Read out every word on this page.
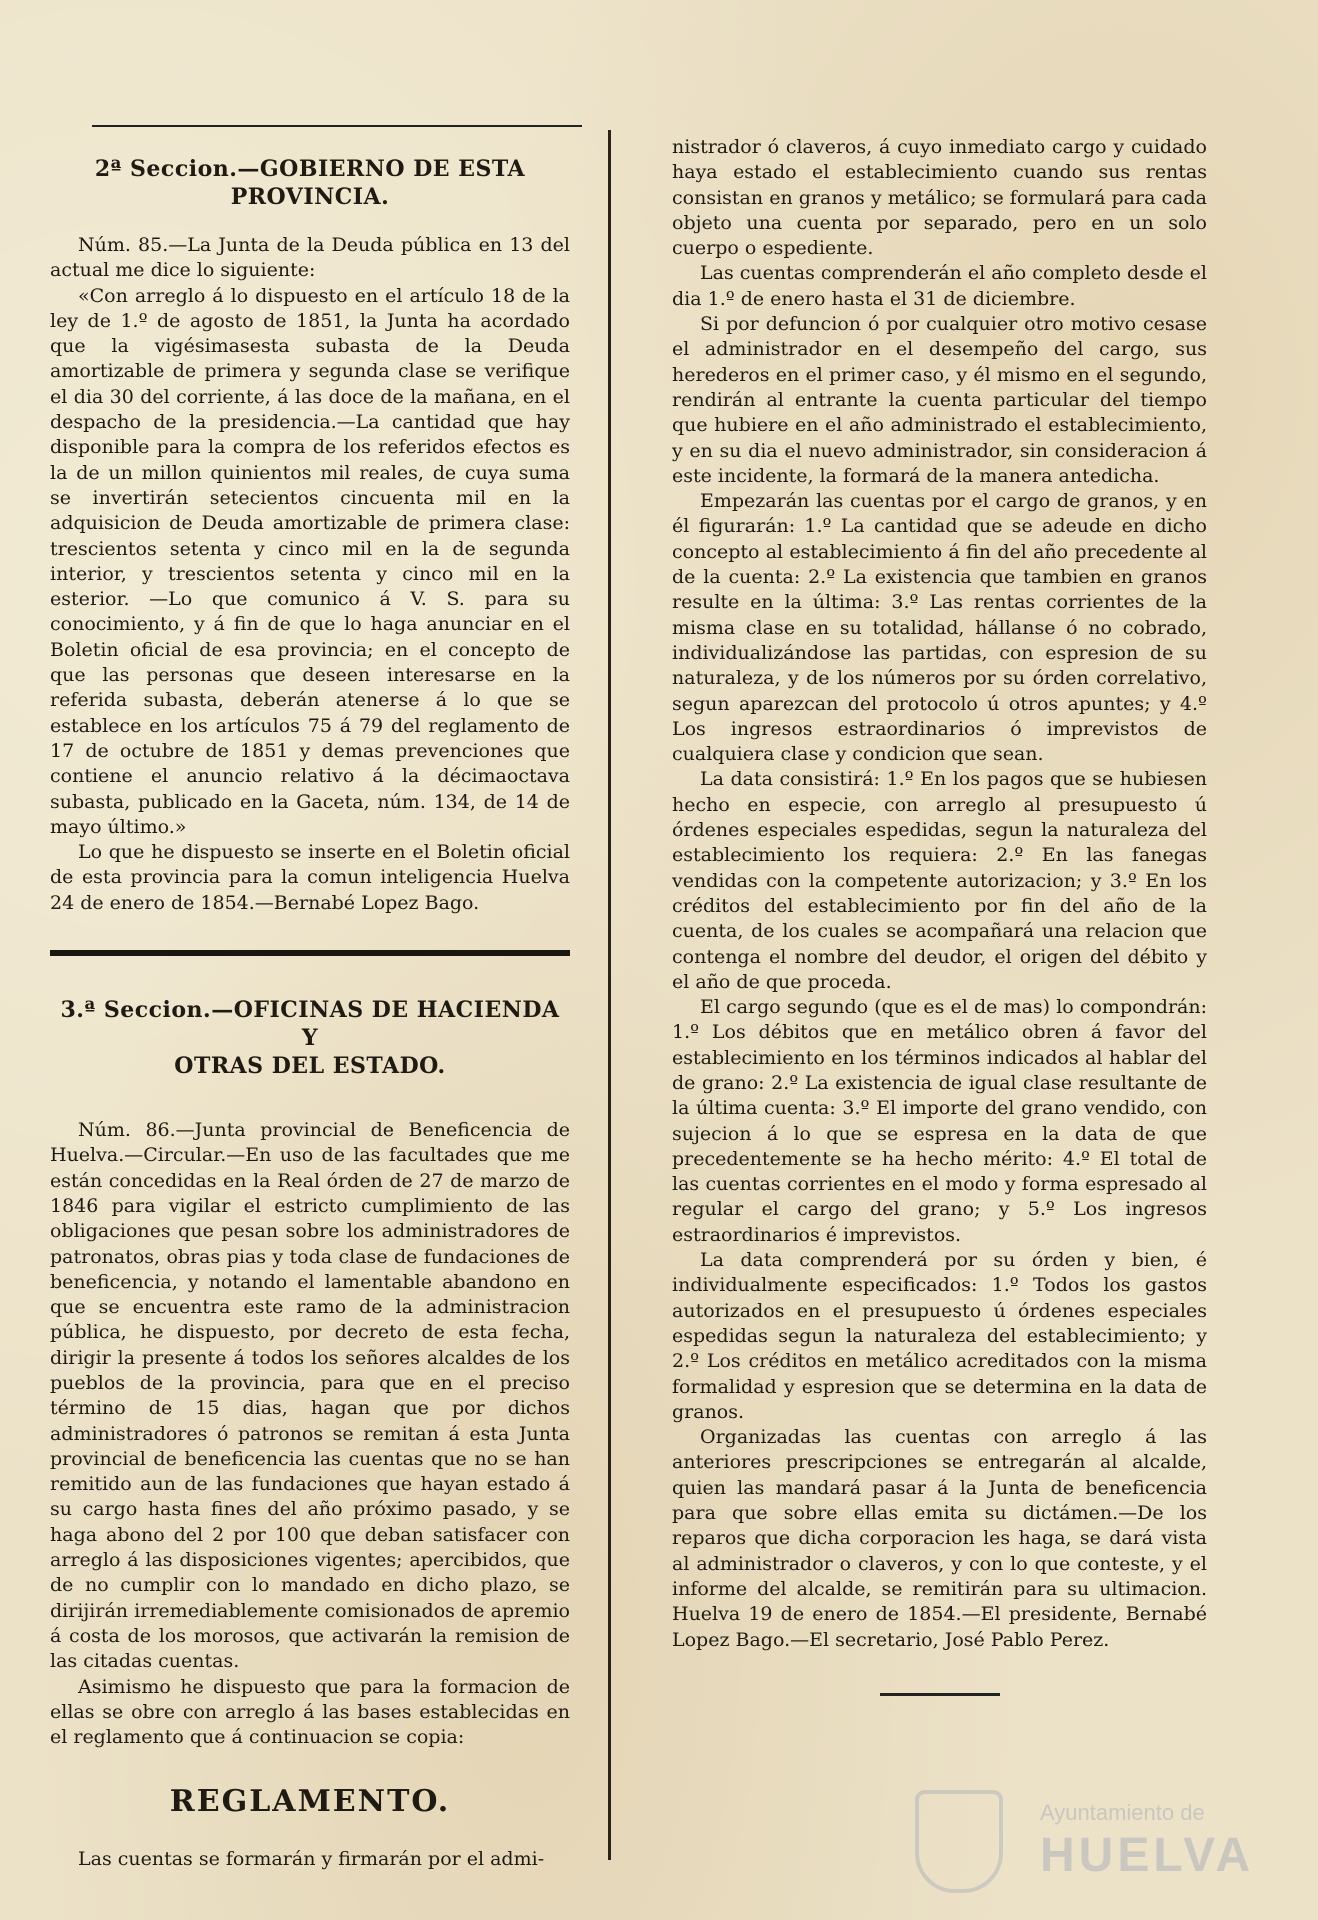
2ª Seccion.—GOBIERNO DE ESTA PROVINCIA.

Núm. 85.—La Junta de la Deuda pública en 13 del actual me dice lo siguiente:

«Con arreglo á lo dispuesto en el artículo 18 de la ley de 1.º de agosto de 1851, la Junta ha acordado que la vigésimasesta subasta de la Deuda amortizable de primera y segunda clase se verifique el dia 30 del corriente, á las doce de la mañana, en el despacho de la presidencia.—La cantidad que hay disponible para la compra de los referidos efectos es la de un millon quinientos mil reales, de cuya suma se invertirán setecientos cincuenta mil en la adquisicion de Deuda amortizable de primera clase: trescientos setenta y cinco mil en la de segunda interior, y trescientos setenta y cinco mil en la esterior. —Lo que comunico á V. S. para su conocimiento, y á fin de que lo haga anunciar en el Boletin oficial de esa provincia; en el concepto de que las personas que deseen interesarse en la referida subasta, deberán atenerse á lo que se establece en los artículos 75 á 79 del reglamento de 17 de octubre de 1851 y demas prevenciones que contiene el anuncio relativo á la décimaoctava subasta, publicado en la Gaceta, núm. 134, de 14 de mayo último.»

Lo que he dispuesto se inserte en el Boletin oficial de esta provincia para la comun inteligencia Huelva 24 de enero de 1854.—Bernabé Lopez Bago.

3.ª Seccion.—OFICINAS DE HACIENDA Y
OTRAS DEL ESTADO.

Núm. 86.—Junta provincial de Beneficencia de Huelva.—Circular.—En uso de las facultades que me están concedidas en la Real órden de 27 de marzo de 1846 para vigilar el estricto cumplimiento de las obligaciones que pesan sobre los administradores de patronatos, obras pias y toda clase de fundaciones de beneficencia, y notando el lamentable abandono en que se encuentra este ramo de la administracion pública, he dispuesto, por decreto de esta fecha, dirigir la presente á todos los señores alcaldes de los pueblos de la provincia, para que en el preciso término de 15 dias, hagan que por dichos administradores ó patronos se remitan á esta Junta provincial de beneficencia las cuentas que no se han remitido aun de las fundaciones que hayan estado á su cargo hasta fines del año próximo pasado, y se haga abono del 2 por 100 que deban satisfacer con arreglo á las disposiciones vigentes; apercibidos, que de no cumplir con lo mandado en dicho plazo, se dirijirán irremediablemente comisionados de apremio á costa de los morosos, que activarán la remision de las citadas cuentas.

Asimismo he dispuesto que para la formacion de ellas se obre con arreglo á las bases establecidas en el reglamento que á continuacion se copia:

REGLAMENTO.

Las cuentas se formarán y firmarán por el admi-

nistrador ó claveros, á cuyo inmediato cargo y cuidado haya estado el establecimiento cuando sus rentas consistan en granos y metálico; se formulará para cada objeto una cuenta por separado, pero en un solo cuerpo o espediente.

Las cuentas comprenderán el año completo desde el dia 1.º de enero hasta el 31 de diciembre.

Si por defuncion ó por cualquier otro motivo cesase el administrador en el desempeño del cargo, sus herederos en el primer caso, y él mismo en el segundo, rendirán al entrante la cuenta particular del tiempo que hubiere en el año administrado el establecimiento, y en su dia el nuevo administrador, sin consideracion á este incidente, la formará de la manera antedicha.

Empezarán las cuentas por el cargo de granos, y en él figurarán: 1.º La cantidad que se adeude en dicho concepto al establecimiento á fin del año precedente al de la cuenta: 2.º La existencia que tambien en granos resulte en la última: 3.º Las rentas corrientes de la misma clase en su totalidad, hállanse ó no cobrado, individualizándose las partidas, con espresion de su naturaleza, y de los números por su órden correlativo, segun aparezcan del protocolo ú otros apuntes; y 4.º Los ingresos estraordinarios ó imprevistos de cualquiera clase y condicion que sean.

La data consistirá: 1.º En los pagos que se hubiesen hecho en especie, con arreglo al presupuesto ú órdenes especiales espedidas, segun la naturaleza del establecimiento los requiera: 2.º En las fanegas vendidas con la competente autorizacion; y 3.º En los créditos del establecimiento por fin del año de la cuenta, de los cuales se acompañará una relacion que contenga el nombre del deudor, el origen del débito y el año de que proceda.

El cargo segundo (que es el de mas) lo compondrán: 1.º Los débitos que en metálico obren á favor del establecimiento en los términos indicados al hablar del de grano: 2.º La existencia de igual clase resultante de la última cuenta: 3.º El importe del grano vendido, con sujecion á lo que se espresa en la data de que precedentemente se ha hecho mérito: 4.º El total de las cuentas corrientes en el modo y forma espresado al regular el cargo del grano; y 5.º Los ingresos estraordinarios é imprevistos.

La data comprenderá por su órden y bien, é individualmente especificados: 1.º Todos los gastos autorizados en el presupuesto ú órdenes especiales espedidas segun la naturaleza del establecimiento; y 2.º Los créditos en metálico acreditados con la misma formalidad y espresion que se determina en la data de granos.

Organizadas las cuentas con arreglo á las anteriores prescripciones se entregarán al alcalde, quien las mandará pasar á la Junta de beneficencia para que sobre ellas emita su dictámen.—De los reparos que dicha corporacion les haga, se dará vista al administrador o claveros, y con lo que conteste, y el informe del alcalde, se remitirán para su ultimacion. Huelva 19 de enero de 1854.—El presidente, Bernabé Lopez Bago.—El secretario, José Pablo Perez.

Ayuntamiento de
HUELVA
